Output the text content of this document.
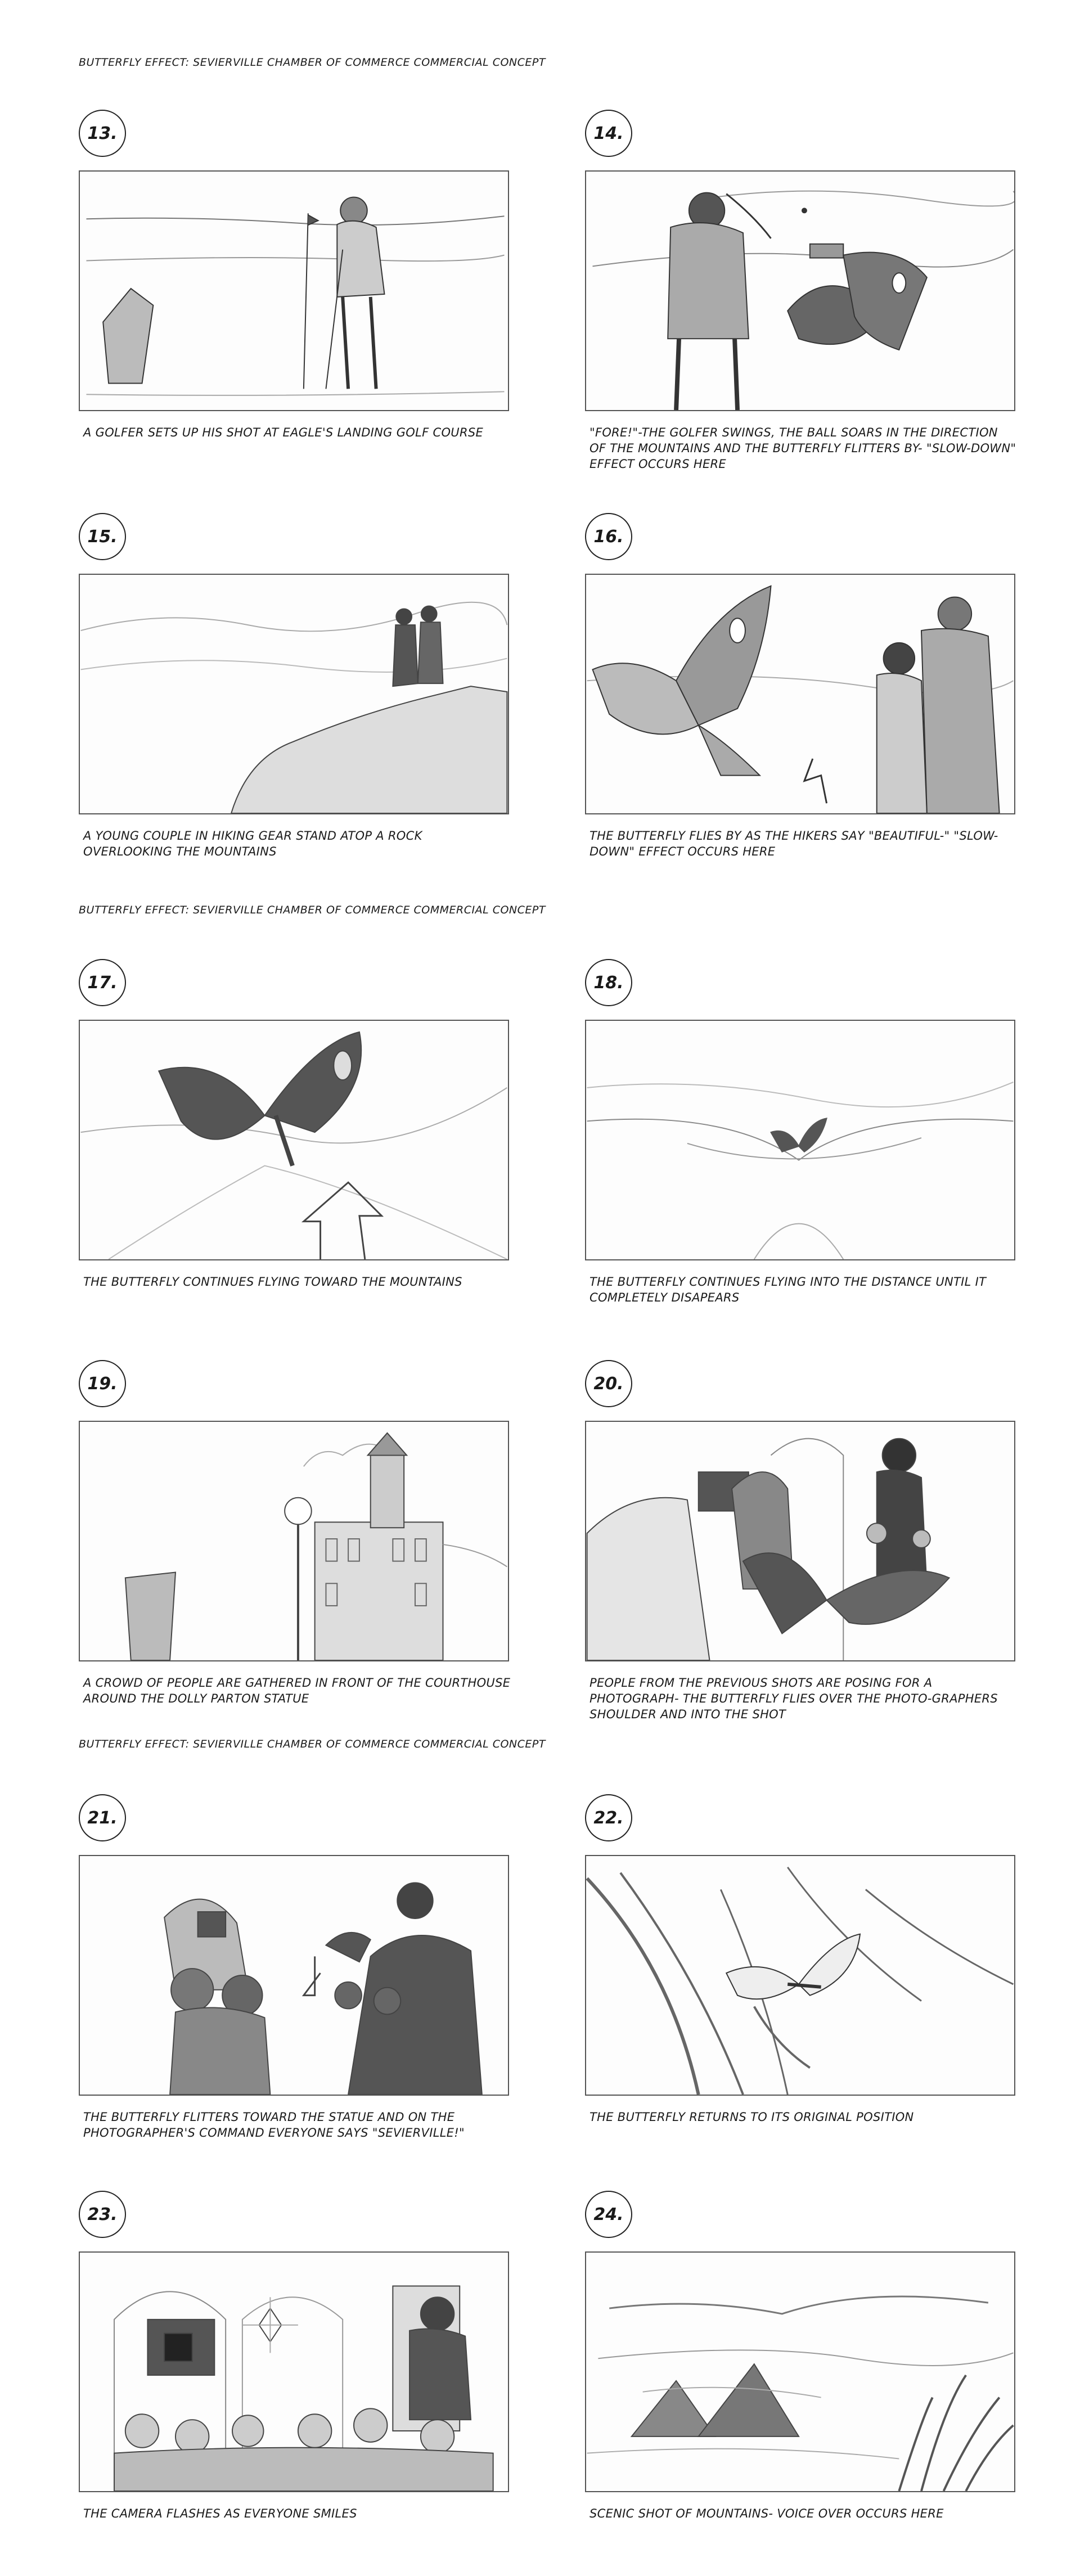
BUTTERFLY EFFECT: SEVIERVILLE CHAMBER OF COMMERCE COMMERCIAL CONCEPT
BUTTERFLY EFFECT: SEVIERVILLE CHAMBER OF COMMERCE COMMERCIAL CONCEPT
BUTTERFLY EFFECT: SEVIERVILLE CHAMBER OF COMMERCE COMMERCIAL CONCEPT
13.
A GOLFER SETS UP HIS SHOT AT EAGLE'S LANDING GOLF COURSE
14.
"FORE!"-THE GOLFER SWINGS, THE BALL SOARS IN THE DIRECTION OF THE MOUNTAINS AND THE BUTTERFLY FLITTERS BY- "SLOW-DOWN" EFFECT OCCURS HERE
15.
A YOUNG COUPLE IN HIKING GEAR STAND ATOP A ROCK OVERLOOKING THE MOUNTAINS
16.
THE BUTTERFLY FLIES BY AS THE HIKERS SAY "BEAUTIFUL-" "SLOW-DOWN" EFFECT OCCURS HERE
17.
THE BUTTERFLY CONTINUES FLYING TOWARD THE MOUNTAINS
18.
THE BUTTERFLY CONTINUES FLYING INTO THE DISTANCE UNTIL IT COMPLETELY DISAPEARS
19.
A CROWD OF PEOPLE ARE GATHERED IN FRONT OF THE COURTHOUSE AROUND THE DOLLY PARTON STATUE
20.
PEOPLE FROM THE PREVIOUS SHOTS ARE POSING FOR A PHOTOGRAPH- THE BUTTERFLY FLIES OVER THE PHOTO-GRAPHERS SHOULDER AND INTO THE SHOT
21.
THE BUTTERFLY FLITTERS TOWARD THE STATUE AND ON THE PHOTOGRAPHER'S COMMAND EVERYONE SAYS "SEVIERVILLE!"
22.
THE BUTTERFLY RETURNS TO ITS ORIGINAL POSITION
23.
THE CAMERA FLASHES AS EVERYONE SMILES
24.
SCENIC SHOT OF MOUNTAINS- VOICE OVER OCCURS HERE
